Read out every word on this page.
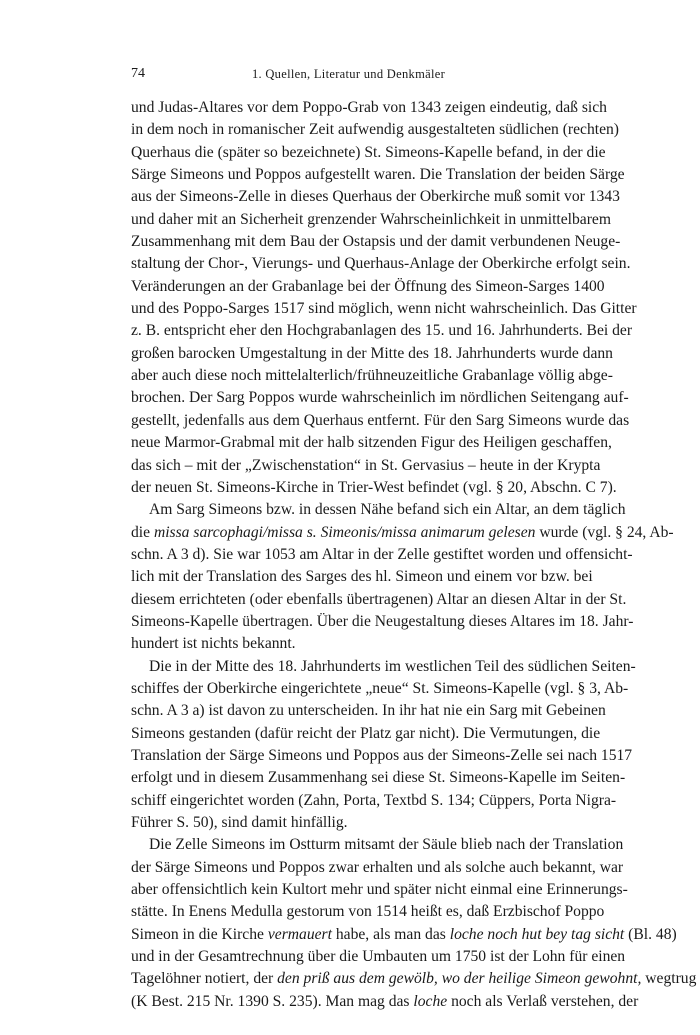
74	1. Quellen, Literatur und Denkmäler

und Judas-Altares vor dem Poppo-Grab von 1343 zeigen eindeutig, daß sich
in dem noch in romanischer Zeit aufwendig ausgestalteten südlichen (rechten)
Querhaus die (später so bezeichnete) St. Simeons-Kapelle befand, in der die
Särge Simeons und Poppos aufgestellt waren. Die Translation der beiden Särge
aus der Simeons-Zelle in dieses Querhaus der Oberkirche muß somit vor 1343
und daher mit an Sicherheit grenzender Wahrscheinlichkeit in unmittelbarem
Zusammenhang mit dem Bau der Ostapsis und der damit verbundenen Neuge-
staltung der Chor-, Vierungs- und Querhaus-Anlage der Oberkirche erfolgt sein.
Veränderungen an der Grabanlage bei der Öffnung des Simeon-Sarges 1400
und des Poppo-Sarges 1517 sind möglich, wenn nicht wahrscheinlich. Das Gitter
z. B. entspricht eher den Hochgrabanlagen des 15. und 16. Jahrhunderts. Bei der
großen barocken Umgestaltung in der Mitte des 18. Jahrhunderts wurde dann
aber auch diese noch mittelalterlich/frühneuzeitliche Grabanlage völlig abge-
brochen. Der Sarg Poppos wurde wahrscheinlich im nördlichen Seitengang auf-
gestellt, jedenfalls aus dem Querhaus entfernt. Für den Sarg Simeons wurde das
neue Marmor-Grabmal mit der halb sitzenden Figur des Heiligen geschaffen,
das sich – mit der „Zwischenstation“ in St. Gervasius – heute in der Krypta
der neuen St. Simeons-Kirche in Trier-West befindet (vgl. § 20, Abschn. C 7).

Am Sarg Simeons bzw. in dessen Nähe befand sich ein Altar, an dem täglich
die missa sarcophagi/missa s. Simeonis/missa animarum gelesen wurde (vgl. § 24, Ab-
schn. A 3 d). Sie war 1053 am Altar in der Zelle gestiftet worden und offensicht-
lich mit der Translation des Sarges des hl. Simeon und einem vor bzw. bei
diesem errichteten (oder ebenfalls übertragenen) Altar an diesen Altar in der St.
Simeons-Kapelle übertragen. Über die Neugestaltung dieses Altares im 18. Jahr-
hundert ist nichts bekannt.

Die in der Mitte des 18. Jahrhunderts im westlichen Teil des südlichen Seiten-
schiffes der Oberkirche eingerichtete „neue“ St. Simeons-Kapelle (vgl. § 3, Ab-
schn. A 3 a) ist davon zu unterscheiden. In ihr hat nie ein Sarg mit Gebeinen
Simeons gestanden (dafür reicht der Platz gar nicht). Die Vermutungen, die
Translation der Särge Simeons und Poppos aus der Simeons-Zelle sei nach 1517
erfolgt und in diesem Zusammenhang sei diese St. Simeons-Kapelle im Seiten-
schiff eingerichtet worden (Zahn, Porta, Textbd S. 134; Cüppers, Porta Nigra-
Führer S. 50), sind damit hinfällig.

Die Zelle Simeons im Ostturm mitsamt der Säule blieb nach der Translation
der Särge Simeons und Poppos zwar erhalten und als solche auch bekannt, war
aber offensichtlich kein Kultort mehr und später nicht einmal eine Erinnerungs-
stätte. In Enens Medulla gestorum von 1514 heißt es, daß Erzbischof Poppo
Simeon in die Kirche vermauert habe, als man das loche noch hut bey tag sicht (Bl. 48)
und in der Gesamtrechnung über die Umbauten um 1750 ist der Lohn für einen
Tagelöhner notiert, der den priß aus dem gewölb, wo der heilige Simeon gewohnt, wegtrug
(K Best. 215 Nr. 1390 S. 235). Man mag das loche noch als Verlaß verstehen, der
